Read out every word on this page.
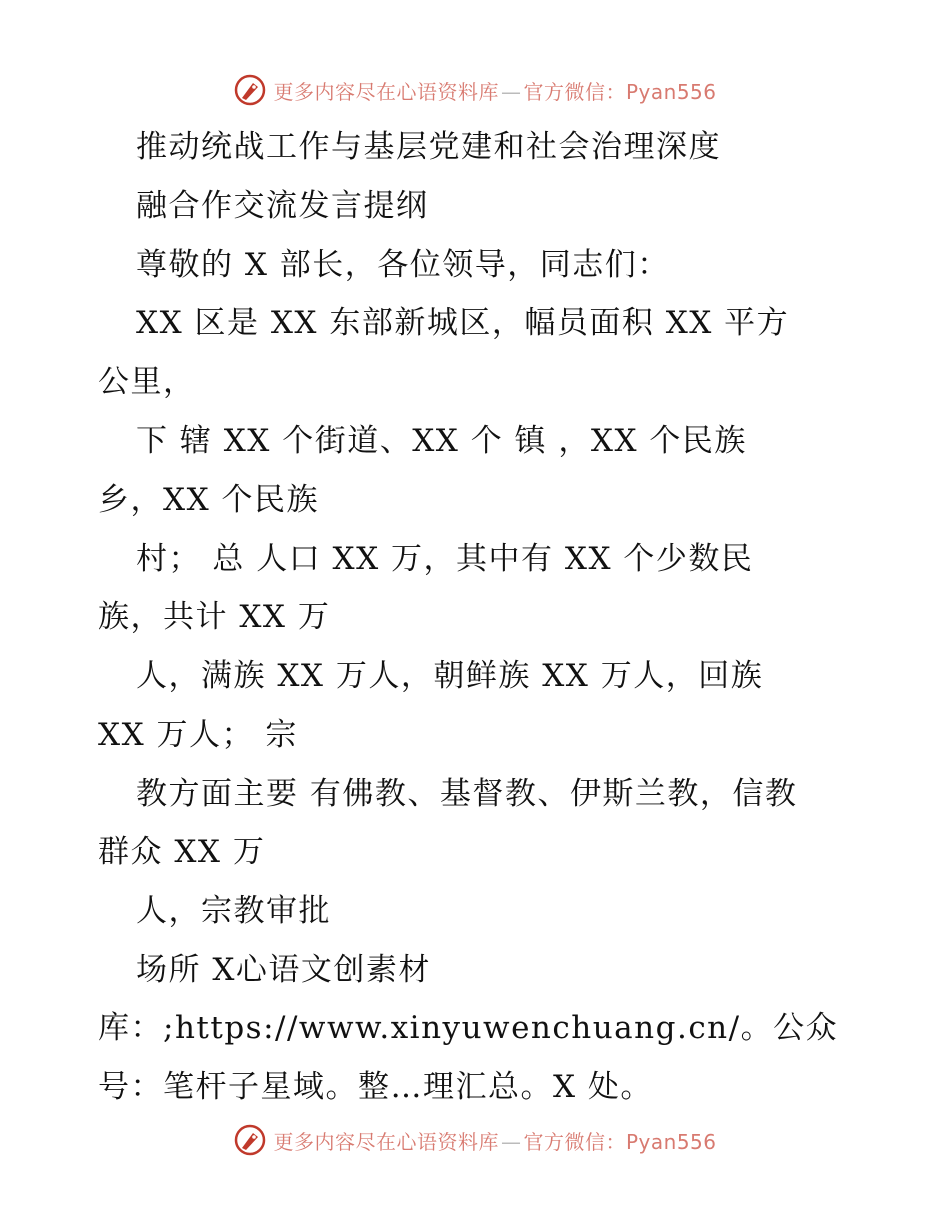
更多内容尽在心语资料库 — 官方微信：Pyan556
推动统战工作与基层党建和社会治理深度
融合作交流发言提纲
尊敬的 X 部长，各位领导，同志们：
XX 区是 XX 东部新城区，幅员面积 XX 平方
公里，
下 辖 XX 个街道、XX 个 镇 ，XX 个民族
乡，XX 个民族
村； 总 人口 XX 万，其中有 XX 个少数民
族，共计 XX 万
人，满族 XX 万人，朝鲜族 XX 万人，回族
XX 万人； 宗
教方面主要 有佛教、基督教、伊斯兰教，信教
群众 XX 万
人，宗教审批
场所 X心语文创素材
库：;https://www.xinyuwenchuang.cn/。公众
号：笔杆子星域。整…理汇总。X 处。
更多内容尽在心语资料库 — 官方微信：Pyan556
